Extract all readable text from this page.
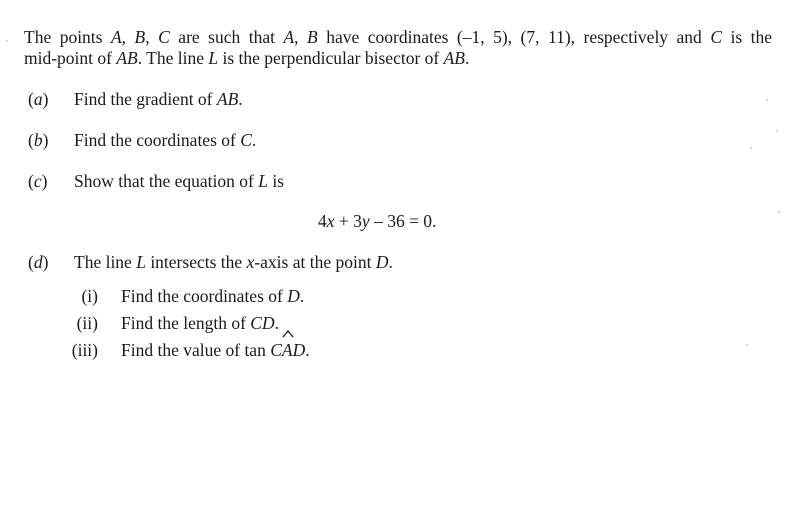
The points A, B, C are such that A, B have coordinates (–1, 5), (7, 11), respectively and C is the
mid-point of AB. The line L is the perpendicular bisector of AB.
(a) Find the gradient of AB.
(b) Find the coordinates of C.
(c) Show that the equation of L is
4x + 3y – 36 = 0.
(d) The line L intersects the x-axis at the point D.
(i) Find the coordinates of D.
(ii) Find the length of CD.
(iii) Find the value of tan
CAD.
